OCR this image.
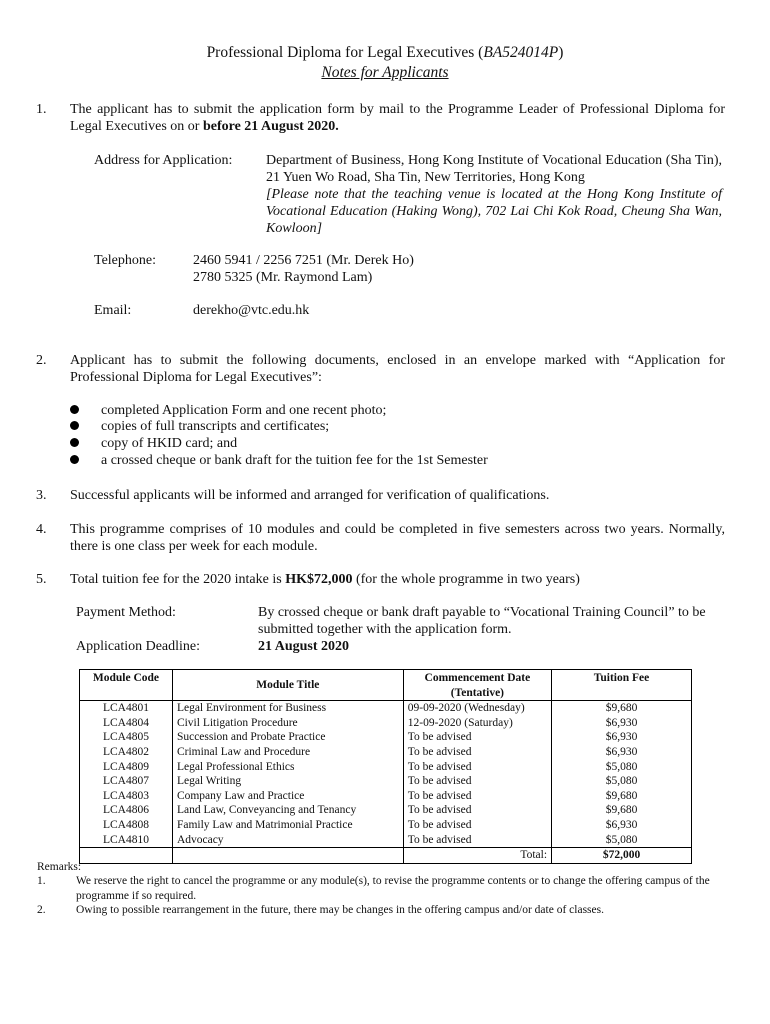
Professional Diploma for Legal Executives (BA524014P)
Notes for Applicants
1. The applicant has to submit the application form by mail to the Programme Leader of Professional Diploma for Legal Executives on or before 21 August 2020.
Address for Application: Department of Business, Hong Kong Institute of Vocational Education (Sha Tin), 21 Yuen Wo Road, Sha Tin, New Territories, Hong Kong
[Please note that the teaching venue is located at the Hong Kong Institute of Vocational Education (Haking Wong), 702 Lai Chi Kok Road, Cheung Sha Wan, Kowloon]
Telephone:	2460 5941 / 2256 7251 (Mr. Derek Ho)
2780 5325 (Mr. Raymond Lam)
Email:	derekho@vtc.edu.hk
2. Applicant has to submit the following documents, enclosed in an envelope marked with “Application for Professional Diploma for Legal Executives”:
completed Application Form and one recent photo;
copies of full transcripts and certificates;
copy of HKID card; and
a crossed cheque or bank draft for the tuition fee for the 1st Semester
3. Successful applicants will be informed and arranged for verification of qualifications.
4. This programme comprises of 10 modules and could be completed in five semesters across two years. Normally, there is one class per week for each module.
5. Total tuition fee for the 2020 intake is HK$72,000 (for the whole programme in two years)
Payment Method:	By crossed cheque or bank draft payable to “Vocational Training Council” to be submitted together with the application form.
Application Deadline:	21 August 2020
Module Code	Module Title	Commencement Date (Tentative)	Tuition Fee
LCA4801	Legal Environment for Business	09-09-2020 (Wednesday)	$9,680
LCA4804	Civil Litigation Procedure	12-09-2020 (Saturday)	$6,930
LCA4805	Succession and Probate Practice	To be advised	$6,930
LCA4802	Criminal Law and Procedure	To be advised	$6,930
LCA4809	Legal Professional Ethics	To be advised	$5,080
LCA4807	Legal Writing	To be advised	$5,080
LCA4803	Company Law and Practice	To be advised	$9,680
LCA4806	Land Law, Conveyancing and Tenancy	To be advised	$9,680
LCA4808	Family Law and Matrimonial Practice	To be advised	$6,930
LCA4810	Advocacy	To be advised	$5,080
		Total:	$72,000
Remarks:
1.	We reserve the right to cancel the programme or any module(s), to revise the programme contents or to change the offering campus of the programme if so required.
2.	Owing to possible rearrangement in the future, there may be changes in the offering campus and/or date of classes.
